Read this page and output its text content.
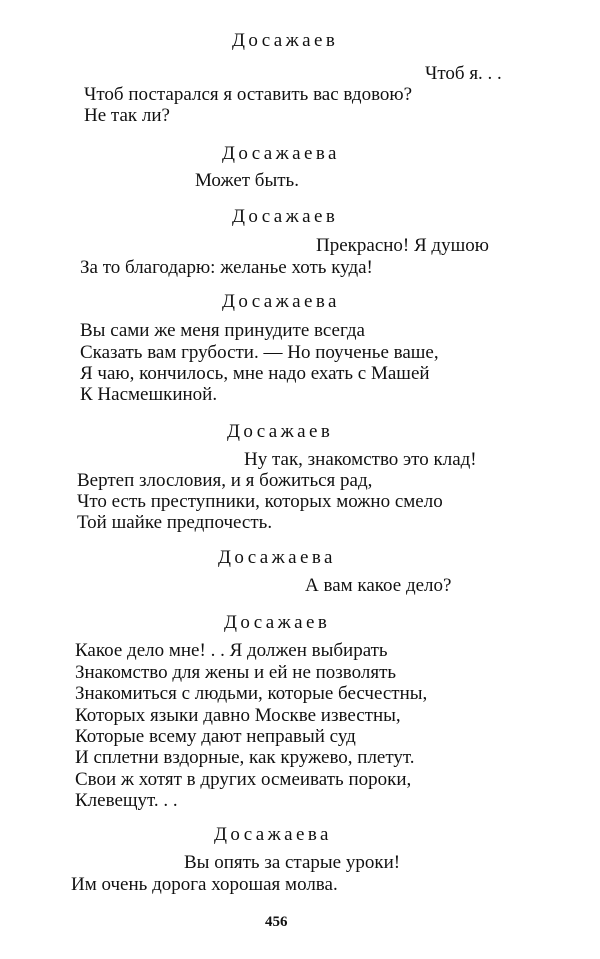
Досажаев
Чтоб я. . .
Чтоб постарался я оставить вас вдовою?
Не так ли?
Досажаева
Может быть.
Досажаев
Прекрасно! Я душою
За то благодарю: желанье хоть куда!
Досажаева
Вы сами же меня принудите всегда
Сказать вам грубости. — Но поученье ваше,
Я чаю, кончилось, мне надо ехать с Машей
К Насмешкиной.
Досажаев
Ну так, знакомство это клад!
Вертеп злословия, и я божиться рад,
Что есть преступники, которых можно смело
Той шайке предпочесть.
Досажаева
А вам какое дело?
Досажаев
Какое дело мне! . . Я должен выбирать
Знакомство для жены и ей не позволять
Знакомиться с людьми, которые бесчестны,
Которых языки давно Москве известны,
Которые всему дают неправый суд
И сплетни вздорные, как кружево, плетут.
Свои ж хотят в других осмеивать пороки,
Клевещут. . .
Досажаева
Вы опять за старые уроки!
Им очень дорога хорошая молва.
456
